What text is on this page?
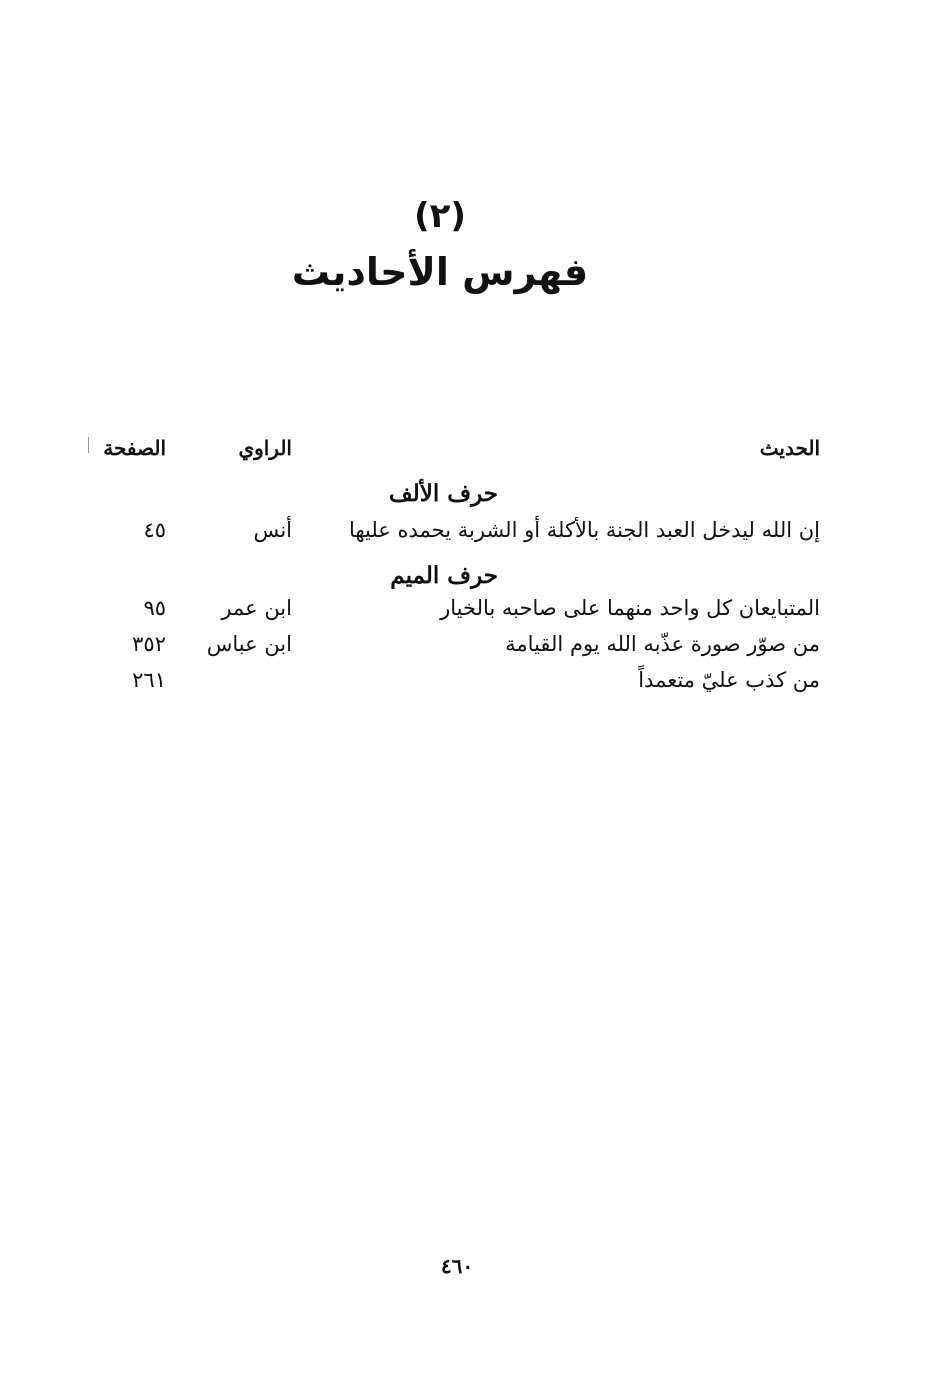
(٢)
فهرس الأحاديث
الحديث
الراوي
الصفحة
حرف الألف
إن الله ليدخل العبد الجنة بالأكلة أو الشربة يحمده عليها
أنس
٤٥
حرف الميم
المتبايعان كل واحد منهما على صاحبه بالخيار
ابن عمر
٩٥
من صوّر صورة عذّبه الله يوم القيامة
ابن عباس
٣٥٢
من كذب عليّ متعمداً
٢٦١
٤٦٠
